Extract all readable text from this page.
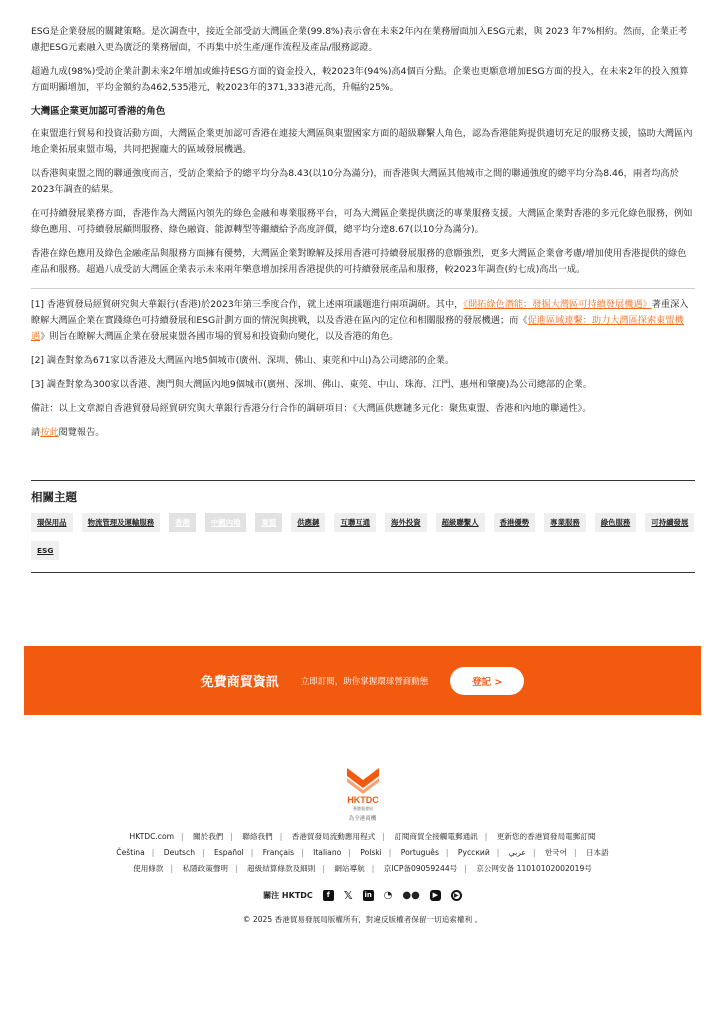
ESG是企業發展的關鍵策略。是次調查中，接近全部受訪大灣區企業(99.8%)表示會在未來2年內在業務層面加入ESG元素，與 2023 年7%相約。然而，企業正考慮把ESG元素融入更為廣泛的業務層面，不再集中於生產/運作流程及產品/服務認證。

超過九成(98%)受訪企業計劃未來2年增加或維持ESG方面的資金投入，較2023年(94%)高4個百分點。企業也更願意增加ESG方面的投入，在未來2年的投入預算方面明顯增加，平均金額約為462,535港元，較2023年的371,333港元高，升幅約25%。

大灣區企業更加認可香港的角色

在東盟進行貿易和投資活動方面，大灣區企業更加認可香港在連接大灣區與東盟國家方面的超級聯繫人角色，認為香港能夠提供適切充足的服務支援，協助大灣區內地企業拓展東盟市場，共同把握龐大的區域發展機遇。

以香港與東盟之間的聯通強度而言，受訪企業給予的總平均分為8.43(以10分為滿分)，而香港與大灣區其他城市之間的聯通強度的總平均分為8.46，兩者均高於2023年調查的結果。

在可持續發展業務方面，香港作為大灣區內領先的綠色金融和專業服務平台，可為大灣區企業提供廣泛的專業服務支援。大灣區企業對香港的多元化綠色服務，例如綠色應用、可持續發展顧問服務、綠色融資、能源轉型等繼續給予高度評價，總平均分達8.67(以10分為滿分)。

香港在綠色應用及綠色金融產品與服務方面擁有優勢，大灣區企業對瞭解及採用香港可持續發展服務的意願強烈，更多大灣區企業會考慮/增加使用香港提供的綠色產品和服務。超過八成受訪大灣區企業表示未來兩年樂意增加採用香港提供的可持續發展產品和服務，較2023年調查(約七成)高出一成。

[1] 香港貿發局經貿研究與大華銀行(香港)於2023年第三季度合作，就上述兩項議題進行兩項調研。其中，《開拓綠色潛能：發掘大灣區可持續發展機遇》著重深入瞭解大灣區企業在實踐綠色可持續發展和ESG計劃方面的情況與挑戰，以及香港在區內的定位和相關服務的發展機遇；而《促進區域連繫：助力大灣區探索東盟機遇》則旨在瞭解大灣區企業在發展東盟各國市場的貿易和投資動向變化，以及香港的角色。

[2] 調查對象為671家以香港及大灣區內地5個城市(廣州、深圳、佛山、東莞和中山)為公司總部的企業。

[3] 調查對象為300家以香港、澳門與大灣區內地9個城市(廣州、深圳、佛山、東莞、中山、珠海、江門、惠州和肇慶)為公司總部的企業。

備註：以上文章源自香港貿發局經貿研究與大華銀行香港分行合作的調研項目：《大灣區供應鏈多元化：聚焦東盟、香港和內地的聯通性》。

請按此閱覽報告。

相關主題
環保用品	物流管理及運輸服務	香港	中國內地	東盟	供應鏈	互聯互通	海外投資	超級聯繫人	香港優勢	專業服務	綠色服務	可持續發展
ESG
免費商貿資訊	立即訂閱，助你掌握環球營商動態	登記 >
HKTDC
香港貿發局
為全港商機
HKTDC.com | 關於我們 | 聯絡我們 | 香港貿發局流動應用程式 | 訂閱商貿全接觸電郵通訊 | 更新您的香港貿發局電郵訂閱
Čeština | Deutsch | Español | Français | Italiano | Polski | Português | Pусский | عربي | 한국어 | 日本語
使用條款 | 私隱政策聲明 | 超級結算條款及細則 | 網站導航 | 京ICP备09059244号 | 京公网安备 11010102002019号
關注 HKTDC	f	𝕏 in ◔ ●●	▶	▶
© 2025 香港貿易發展局版權所有，對違反版權者保留一切追索權利 。
